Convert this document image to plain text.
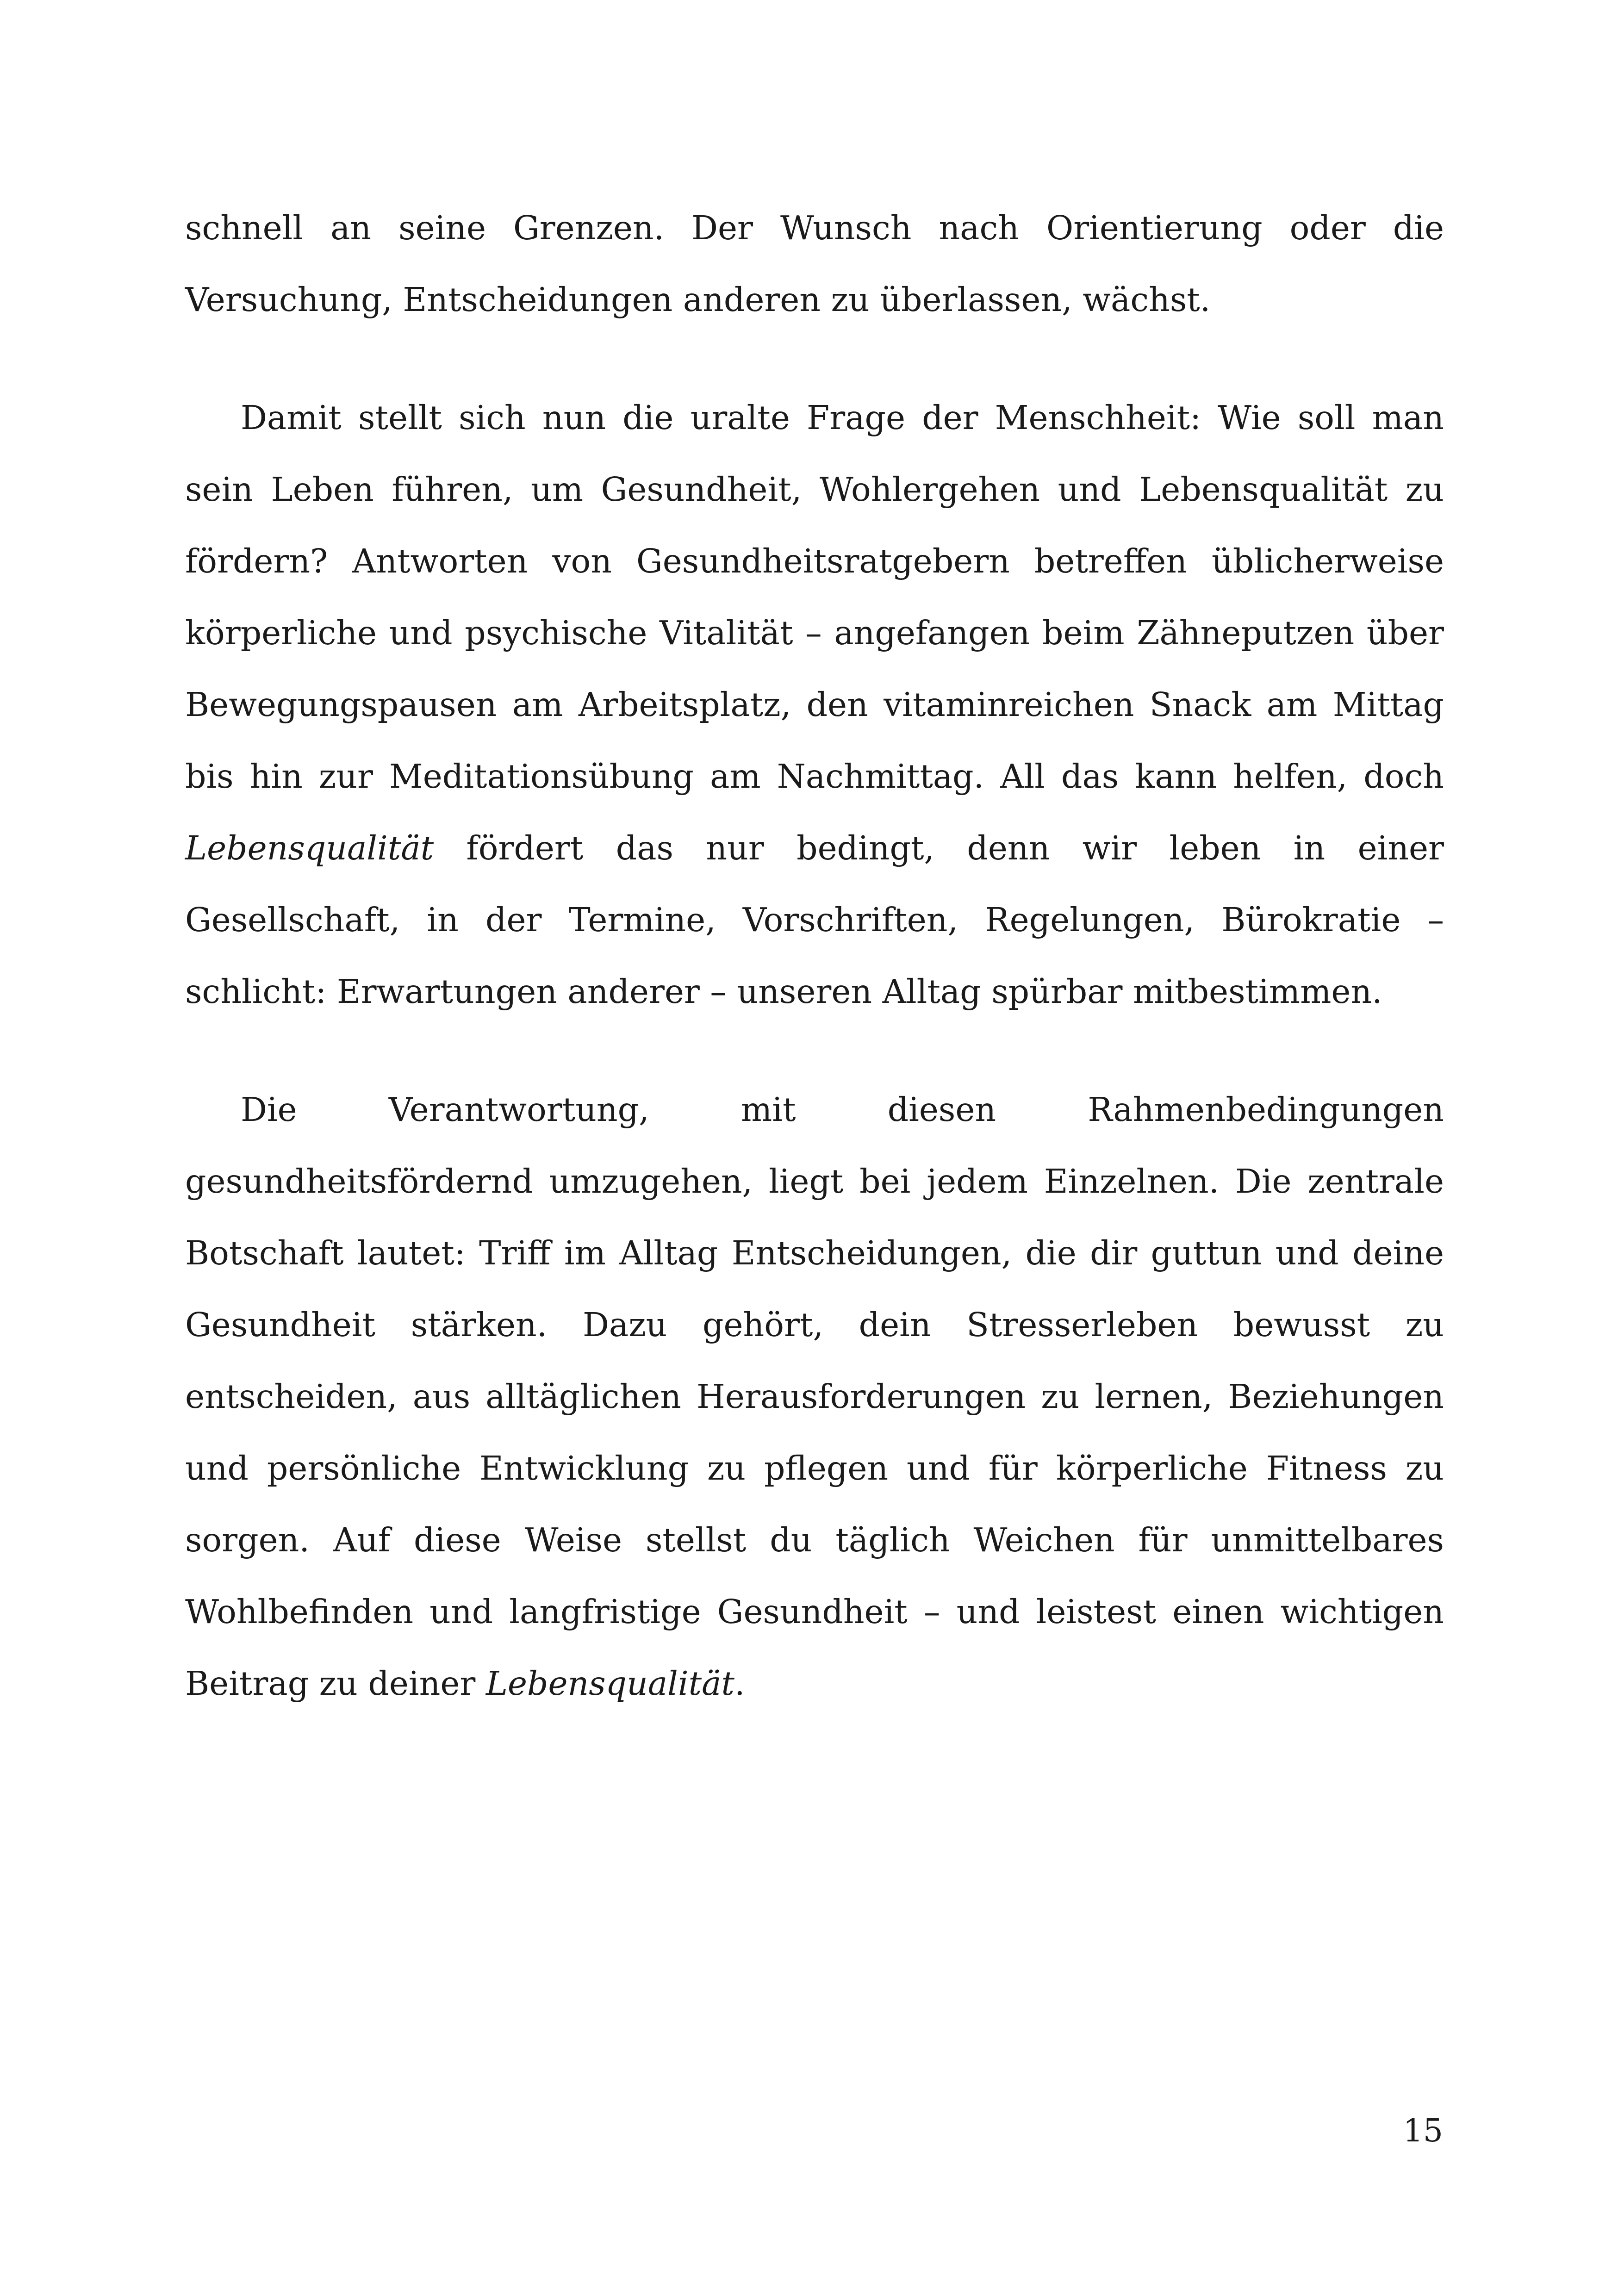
schnell an seine Grenzen. Der Wunsch nach Orientierung oder die Versuchung, Entscheidungen anderen zu überlassen, wächst.

Damit stellt sich nun die uralte Frage der Menschheit: Wie soll man sein Leben führen, um Gesundheit, Wohlergehen und Lebensqualität zu fördern? Antworten von Gesundheitsratgebern betreffen üblicherweise körperliche und psychische Vitalität – angefangen beim Zähneputzen über Bewegungspausen am Arbeitsplatz, den vitaminreichen Snack am Mittag bis hin zur Meditationsübung am Nachmittag. All das kann helfen, doch Lebensqualität fördert das nur bedingt, denn wir leben in einer Gesellschaft, in der Termine, Vorschriften, Regelungen, Bürokratie – schlicht: Erwartungen anderer – unseren Alltag spürbar mitbestimmen.

Die Verantwortung, mit diesen Rahmenbedingungen gesundheitsfördernd umzugehen, liegt bei jedem Einzelnen. Die zentrale Botschaft lautet: Triff im Alltag Entscheidungen, die dir guttun und deine Gesundheit stärken. Dazu gehört, dein Stresserleben bewusst zu entscheiden, aus alltäglichen Herausforderungen zu lernen, Beziehungen und persönliche Entwicklung zu pflegen und für körperliche Fitness zu sorgen. Auf diese Weise stellst du täglich Weichen für unmittelbares Wohlbefinden und langfristige Gesundheit – und leistest einen wichtigen Beitrag zu deiner Lebensqualität.

15
